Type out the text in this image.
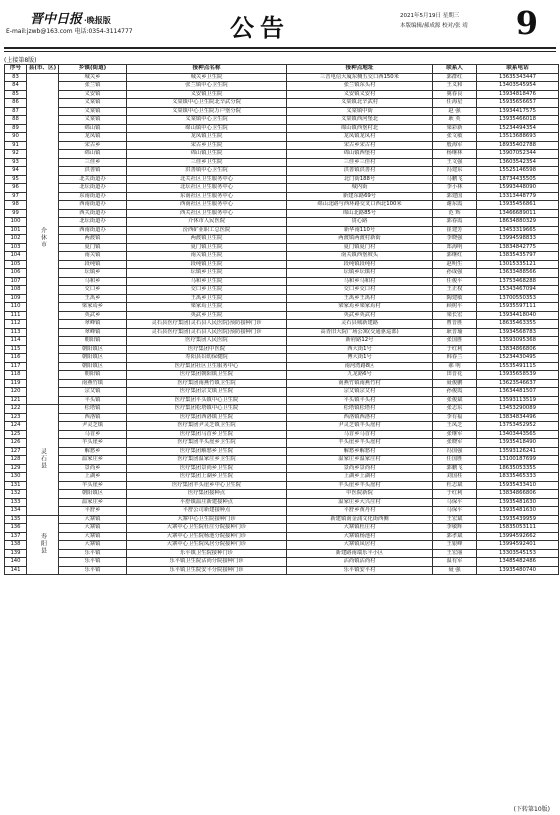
晋中日报 ·晚报版
E-mail:jzwb@163.com 电话:0354-3114777	公告	2021年5月19日 星期三
本版编辑/郝成源 校对/张 靖 9
(上接第8版)
序号	县(市、区)	乡镇(街道)	接种点名称	接种点地址	联系人	联系电话
83	介休市	城关乡	城关乡卫生院	三晋电信大厦东侧五交口西150米	郭群红	13635343447
84		张兰镇	张兰镇中心卫生院	张兰镇东头村	王义和	13403545954
85		义安镇	义安镇卫生院	义安镇义安村	冀春良	13934818476
86		义棠镇	义棠镇中心卫生院北辛武分院	义棠镇北辛武村	任海星	15935656657
87		义棠镇	义棠镇中心卫生院万户堡分院	义棠镇中街	赵 强	13934417575
88		义棠镇	义棠镇中心卫生院	义棠镇西河堡北	耿 英	13935466018
89		绵山镇	绵山镇中心卫生院	绵山镇西堡村北	梁彩新	15234494354
90		龙凤镇	龙凤镇卫生院	龙凤镇龙凤村	张文敏	13513688693
91		宋古乡	宋古乡卫生院	宋古乡宋古村	殷海军	18935402788
92		绵山镇	绵山镇卫生院	绵山镇西堡村	杨继林	13907052344
93		三佳乡	三佳乡卫生院	三佳乡三佳村	王文强	13603542354
94		洪善镇	洪善镇中心卫生院	洪善镇洪善村	冯建东	15525146598
95		北关街道办	北关社区卫生服务中心	北门街188号	马鹏飞	18734435505
96		北坛街道办	北坛社区卫生服务中心	城内街	李小林	15993448090
97		东南街道办	东南社区卫生服务中心	新建东路69号	郭建国	13313448779
98		西南街道办	西南社区卫生服务中心	绵山北路与西环路交叉口西北100米	谢东霞	13935456861
99		西关街道办	西关社区卫生服务中心	绵山北路85号	范 辉	13466689011
100		北坛街道办	介休市人民医院	贯心路	郭春霞	18634880329
101		西南街道办	汾西矿业职工总医院	新华南110号	崔建芳	13453319665
102		两渡镇	两渡镇卫生院	两渡镇两渡村新街	李晓强	13994598833
103		夏门镇	夏门镇卫生院	夏门镇夏门村	郑海明	13834842775
104		南关镇	南关镇卫生院	南关镇西堡坡头	郭继红	13835435797
105		段纯镇	段纯镇卫生院	段纯镇段纯村	赵明生	13015335121
106		坛镇乡	坛镇乡卫生院	坛镇乡坛镇村	孙成强	13633488566
107		马和乡	马和乡卫生院	马和乡马和村	任俊平	13753468288
108		交口乡	交口乡卫生院	交口乡交口村	王正权	15343467094
109		王禹乡	王禹乡卫生院	王禹乡王禹村	陶建敏	13700550353
110		梁家焉乡	梁家焉卫生院	梁家焉乡梁家焉村	顾树平	15935597111
111		英武乡	英武乡卫生院	英武乡英武村	梁长宏	13934418040
112		翠峰镇	灵石县医疗集团(灵石县人民医院)预防接种门诊	灵石县城新建路	曹晋胜	18635463355
113		翠峰镇	灵石县医疗集团(灵石县人民医院)预防接种门诊	高青旧大院广场公寓(交通驱巡部)	耿晋瑜	13934568783
114		朝阳镇	医疗集团人民医院	新府路12号	张国胜	13593095368
115		朝阳镇区	医疗集团中医院	西大街1号	于红利	13834866806
116		朝阳镇区	寿阳县妇幼保健院	博大街1号	韩春兰	15234430495
117		朝阳镇区	医疗集团社区卫生服务中心	南河湾路8区	郝 明	15535491115
118		朝阳镇	医疗集团朝阳镇卫生院	九龙路6号	田晋花	13935658539
119		南燕竹镇	医疗集团南燕竹镇卫生院	南燕竹镇南燕竹村	聂俊鹏	13623546637
120		宗艾镇	医疗集团宗艾镇卫生院	宗艾镇宗艾村	孙俊霞	13634481507
121		平头镇	医疗集团平头镇中心卫生院	平头镇平头村	张俊斌	13593113519
122	灵石县	松塔镇	医疗集团松塔镇中心卫生院	松塔镇松塔村	张志东	13453290089
123		西洛镇	医疗集团西洛镇卫生院	西洛镇西洛村	李有福	13834834496
124		尹灵芝镇	医疗集团尹灵芝镇卫生院	尹灵芝镇羊头崖村	王凤芝	13753452952
125		马首乡	医疗集团马首乡卫生院	马首乡马首村	张继军	13403443565
126		羊头崖乡	医疗集团羊头崖乡卫生院	羊头崖乡羊头崖村	张晓军	13935418490
127		解愁乡	医疗集团解愁乡卫生院	解愁乡解愁村	冯国强	13593126241
128		温家庄乡	医疗集团温家庄乡卫生院	温家庄乡温家庄村	任国胜	13100187699
129		景尚乡	医疗集团景尚乡卫生院	景尚乡景尚村	郭鹏飞	18635053355
130		上湖乡	医疗集团上湖乡卫生院	上湖乡上湖村	刘国柱	18335465333
131		羊头崖乡	医疗集团羊头崖乡中心卫生院	羊头崖乡羊头崖村	杜志斌	15935433410
132		朝阳镇区	医疗集团接种点	中医院新院	于红利	13834866806
133		温家庄乡	平舒镇温庄新建接种点	温家庄乡大兴庄村	马保平	13935481630
134		平舒乡	平舒公司新建接种点	平舒乡黄丹村	马保平	13935481630
135	寿阳县	大寨镇	大寨中心卫生院接种门诊	新建镇南金浦文化街西侧	王宏斌	13935439959
136		大寨镇	大寨中心卫生院杜庄分院接种门诊	大寨镇杜庄村	李敏辉	15835053111
137		大寨镇	大寨中心卫生院杨池分院接种门诊	大寨镇杨池村	郭孝斌	13994592662
138		大寨镇	大寨中心卫生院凤居分院接种门诊	大寨镇凤居村	王银峰	13994592401
139		乐平镇	乐平镇卫生院接种门诊	新建路南端乐平小区	王宏丽	13303545153
140		乐平镇	乐平镇卫生院沾尚分院接种门诊	沾尚镇沾尚村	温有军	13485482486
141		乐平镇	乐平镇卫生院安平分院接种门诊	乐平镇安平村	聂 强	13935480740
(下转第10版)
